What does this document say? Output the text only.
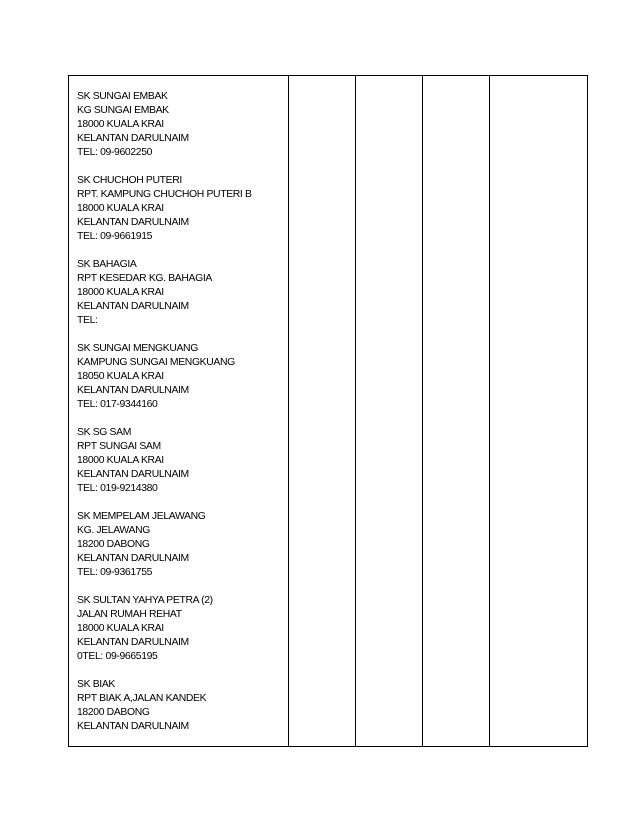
SK SUNGAI EMBAK
KG SUNGAI EMBAK
18000 KUALA KRAI
KELANTAN DARULNAIM
TEL: 09-9602250
SK CHUCHOH PUTERI
RPT. KAMPUNG CHUCHOH PUTERI B
18000 KUALA KRAI
KELANTAN DARULNAIM
TEL: 09-9661915
SK BAHAGIA
RPT KESEDAR KG. BAHAGIA
18000 KUALA KRAI
KELANTAN DARULNAIM
TEL:
SK SUNGAI MENGKUANG
KAMPUNG SUNGAI MENGKUANG
18050 KUALA KRAI
KELANTAN DARULNAIM
TEL: 017-9344160
SK SG SAM
RPT SUNGAI SAM
18000 KUALA KRAI
KELANTAN DARULNAIM
TEL: 019-9214380
SK MEMPELAM JELAWANG
KG. JELAWANG
18200 DABONG
KELANTAN DARULNAIM
TEL: 09-9361755
SK SULTAN YAHYA PETRA (2)
JALAN RUMAH REHAT
18000 KUALA KRAI
KELANTAN DARULNAIM
0TEL: 09-9665195
SK BIAK
RPT BIAK A,JALAN KANDEK
18200 DABONG
KELANTAN DARULNAIM
